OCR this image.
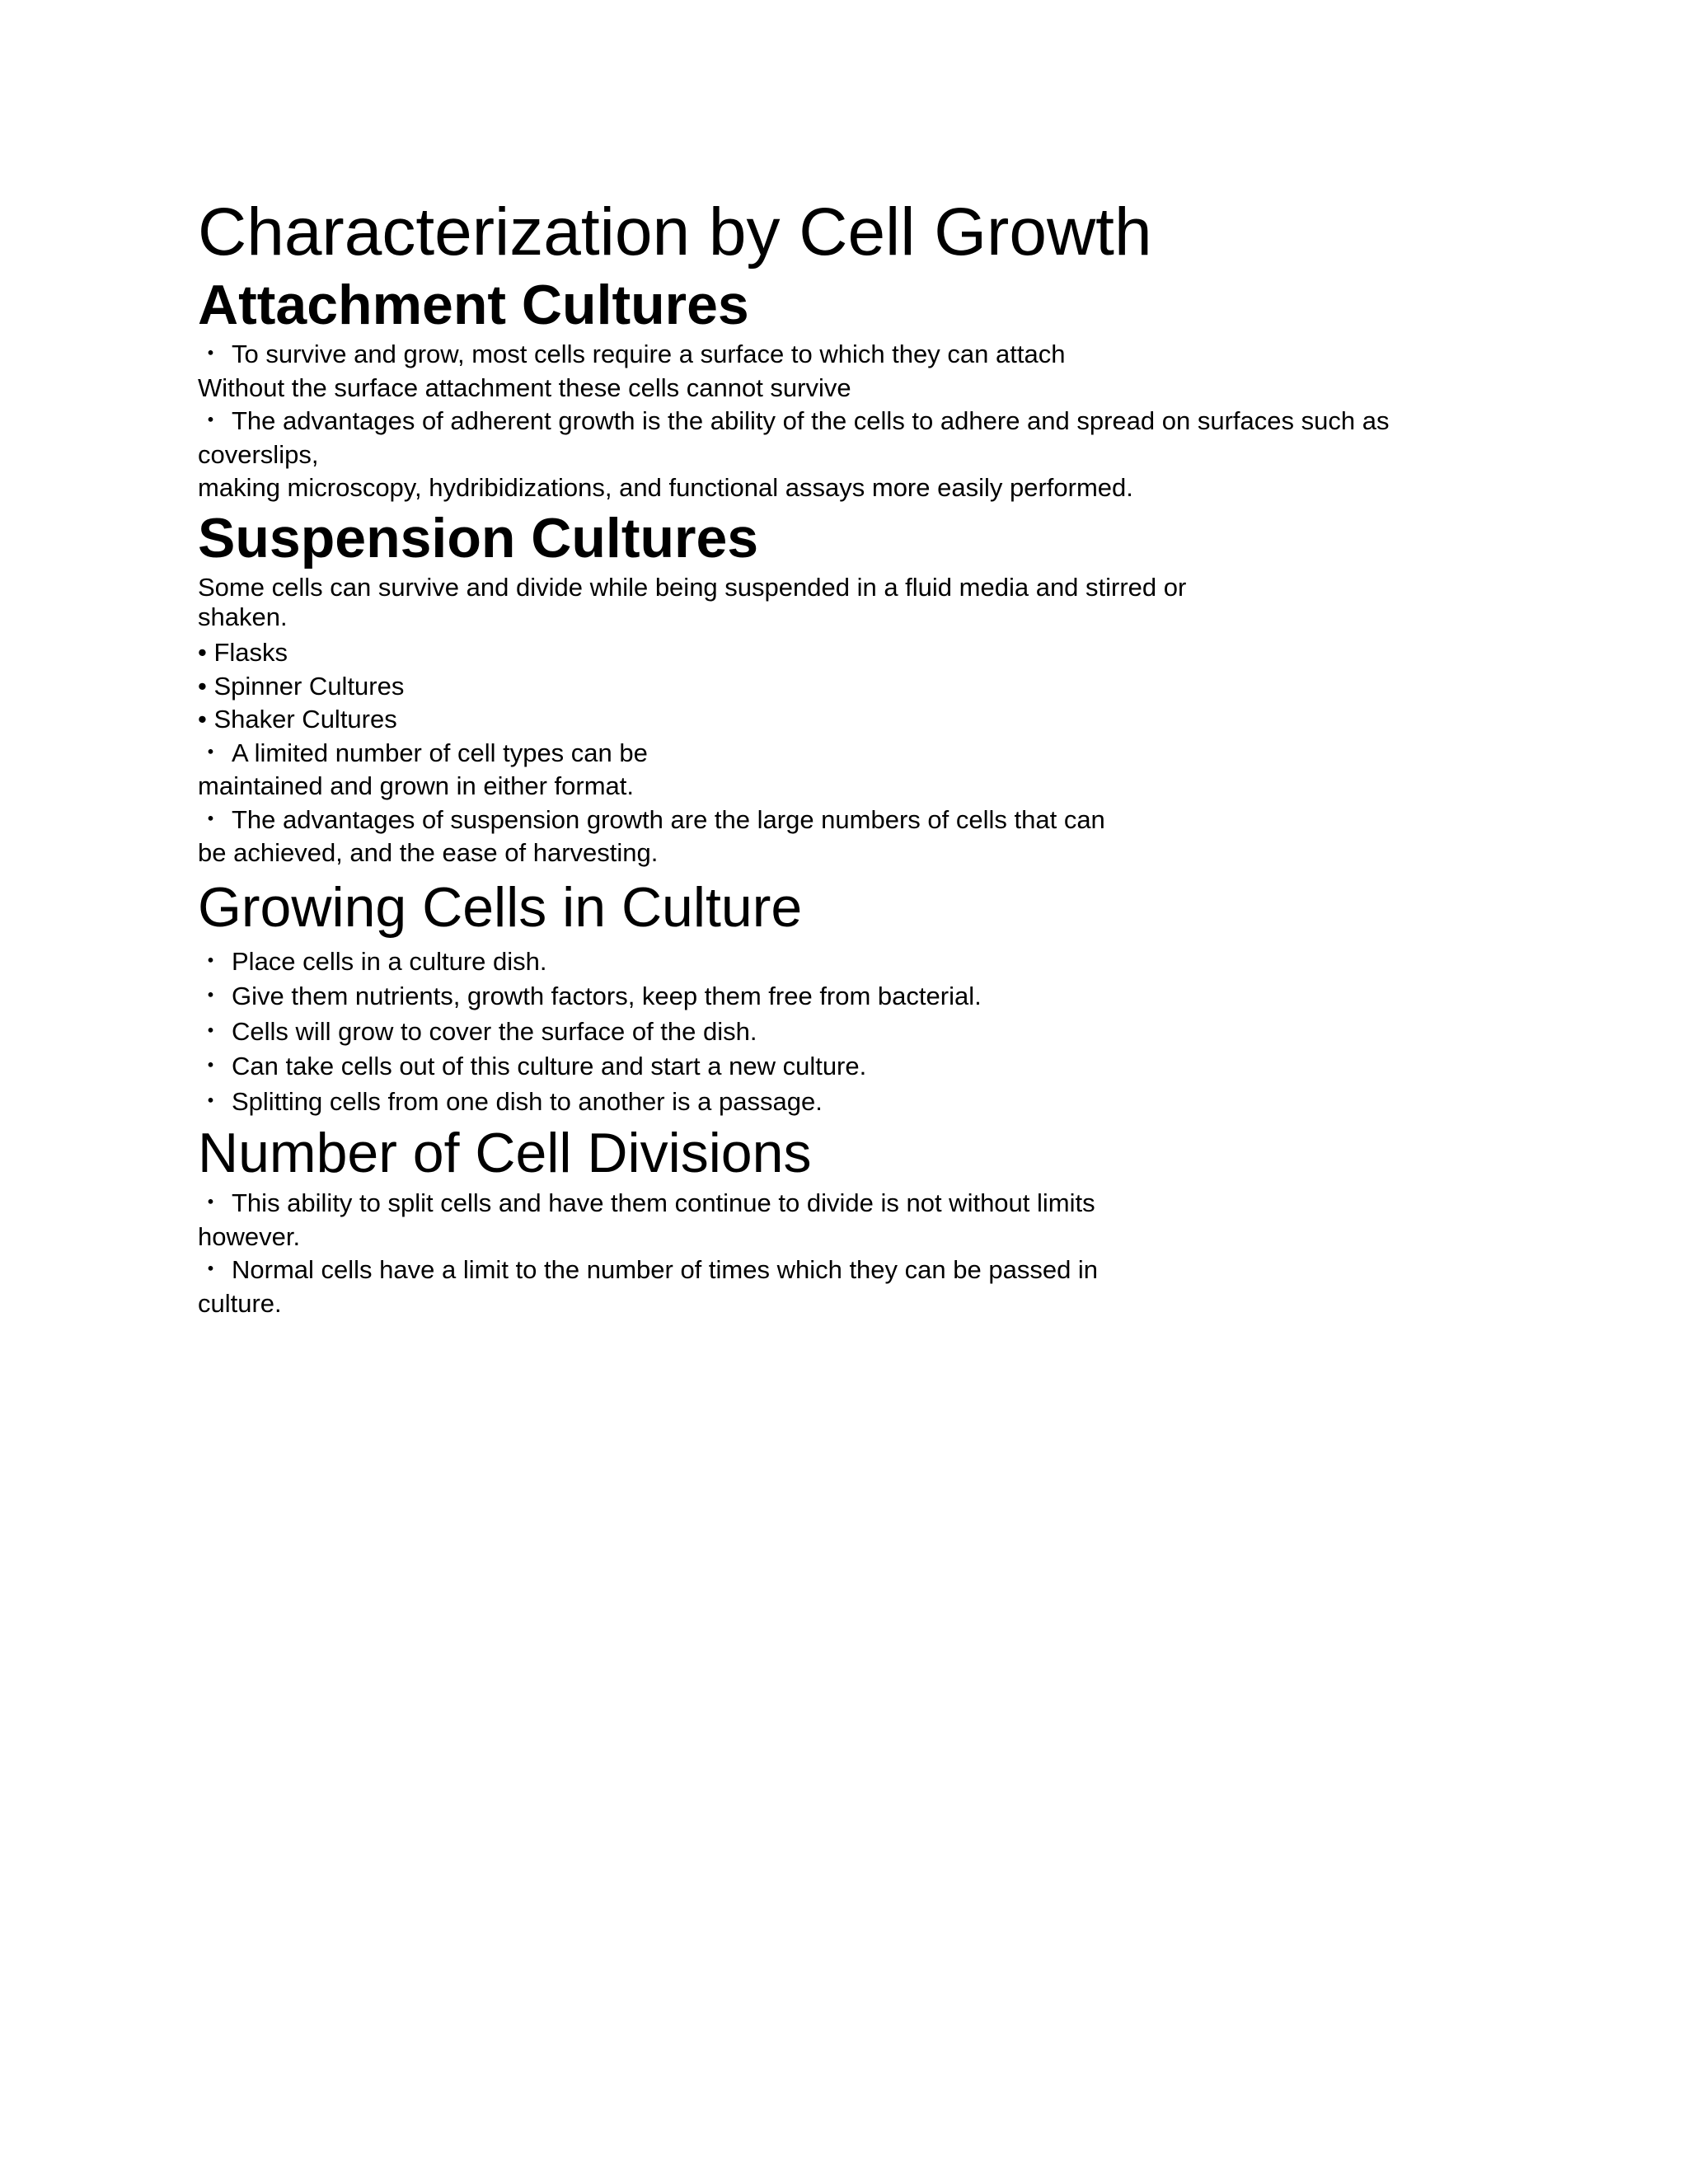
Characterization by Cell Growth
Attachment Cultures

・ To survive and grow, most cells require a surface to which they can attach

Without the surface attachment these cells cannot survive

・ The advantages of adherent growth is the ability of the cells to adhere and spread on surfaces such as

coverslips,

making microscopy, hydribidizations, and functional assays more easily performed.

Suspension Cultures

Some cells can survive and divide while being suspended in a fluid media and stirred or

shaken.

• Flasks

• Spinner Cultures

• Shaker Cultures

・ A limited number of cell types can be

maintained and grown in either format.

・ The advantages of suspension growth are the large numbers of cells that can

be achieved, and the ease of harvesting.

Growing Cells in Culture

・ Place cells in a culture dish.

・ Give them nutrients, growth factors, keep them free from bacterial.

・ Cells will grow to cover the surface of the dish.

・ Can take cells out of this culture and start a new culture.

・ Splitting cells from one dish to another is a passage.

Number of Cell Divisions

・ This ability to split cells and have them continue to divide is not without limits

however.

・ Normal cells have a limit to the number of times which they can be passed in

culture.
